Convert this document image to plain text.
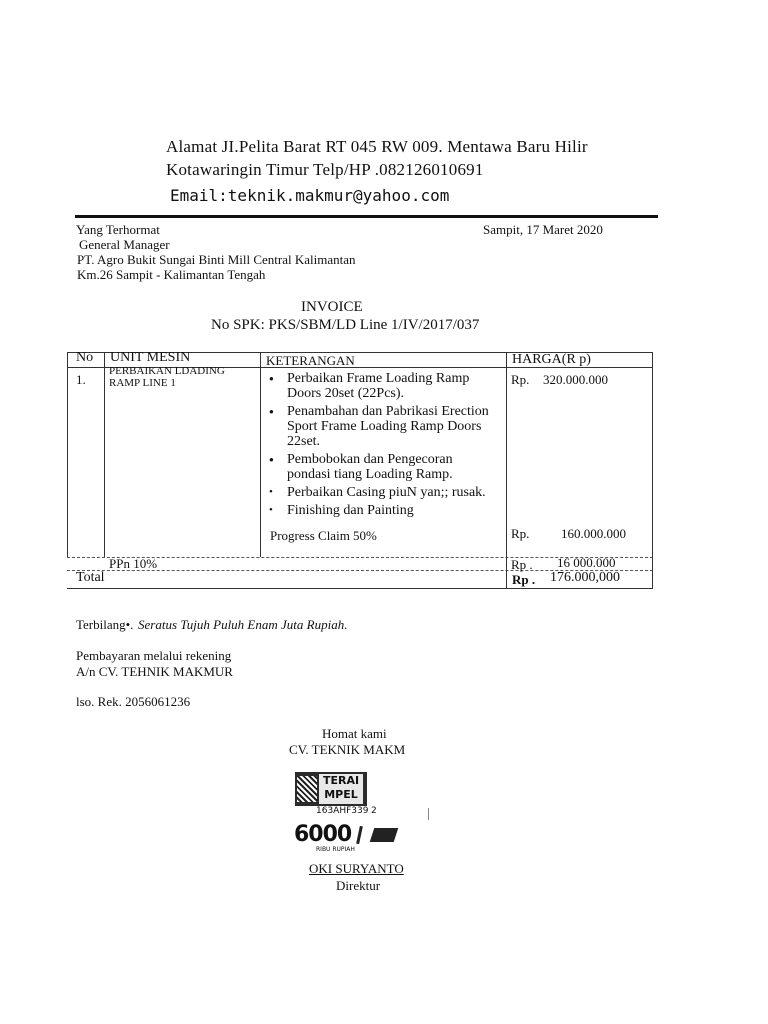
Alamat JI.Pelita Barat RT 045 RW 009. Mentawa Baru Hilir
Kotawaringin Timur Telp/HP .082126010691
Email:teknik.makmur@yahoo.com
Yang Terhormat	Sampit, 17 Maret 2020
General Manager
PT. Agro Bukit Sungai Binti Mill Central Kalimantan
Km.26 Sampit - Kalimantan Tengah
INVOICE
No SPK: PKS/SBM/LD Line 1/IV/2017/037
No UNIT MESIN	KETERANGAN	HARGA(R p)
1.
PERBAIKAN LDADING
RAMP LINE 1
●	Perbaikan Frame Loading Ramp Doors 20set (22Pcs).
● Penambahan dan Pabrikasi Erection Sport Frame Loading Ramp Doors 22set.
● Pembobokan dan Pengecoran pondasi tiang Loading Ramp.
• Perbaikan Casing piuN yan;; rusak.
• Finishing dan Painting
Rp. 320.000.000
Progress Claim 50%	Rp. 160.000.000
PPn 10%	Rp . 16 000.000
Total	Rp . 176.000,000
Terbilang•. Seratus Tujuh Puluh Enam Juta Rupiah.
Pembayaran melalui rekening
A/n CV. TEHNIK MAKMUR
lso. Rek. 2056061236
Homat kami
CV. TEKNIK MAKM
TERAI
MPEL
163AHF339 2
6000
RIBU RUPIAH
OKI SURYANTO
Direktur
